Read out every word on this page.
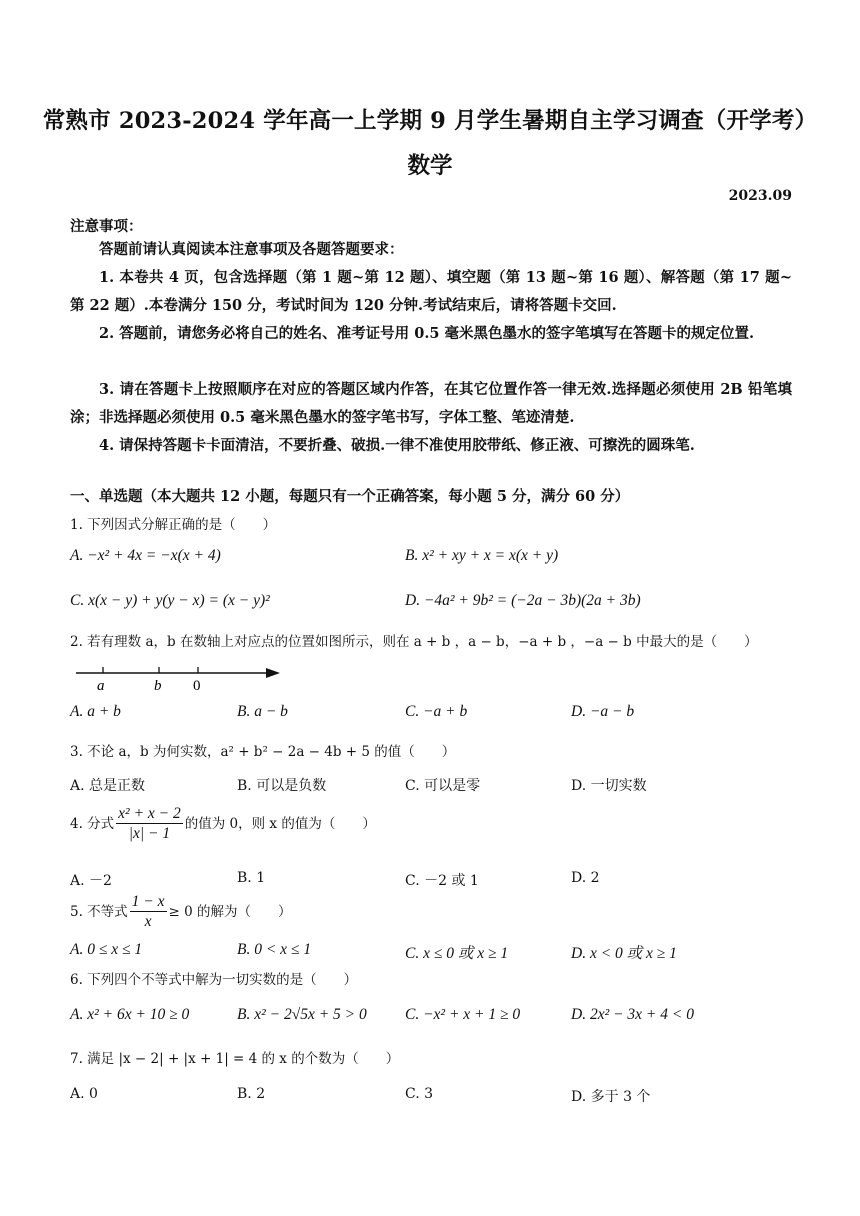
常熟市 2023-2024 学年高一上学期 9 月学生暑期自主学习调查（开学考）
数学
2023.09
注意事项：
答题前请认真阅读本注意事项及各题答题要求：
1. 本卷共 4 页，包含选择题（第 1 题~第 12 题）、填空题（第 13 题~第 16 题）、解答题（第 17 题~第 22 题）.本卷满分 150 分，考试时间为 120 分钟.考试结束后，请将答题卡交回.
2. 答题前，请您务必将自己的姓名、准考证号用 0.5 毫米黑色墨水的签字笔填写在答题卡的规定位置.
3. 请在答题卡上按照顺序在对应的答题区域内作答，在其它位置作答一律无效.选择题必须使用 2B 铅笔填涂；非选择题必须使用 0.5 毫米黑色墨水的签字笔书写，字体工整、笔迹清楚.
4. 请保持答题卡卡面清洁，不要折叠、破损.一律不准使用胶带纸、修正液、可擦洗的圆珠笔.
一、单选题（本大题共 12 小题，每题只有一个正确答案，每小题 5 分，满分 60 分）
1. 下列因式分解正确的是（　　）
A. −x² + 4x = −x(x + 4)	B. x² + xy + x = x(x + y)
C. x(x − y) + y(y − x) = (x − y)²	D. −4a² + 9b² = (−2a − 3b)(2a + 3b)
2. 若有理数 a，b 在数轴上对应点的位置如图所示，则在 a + b ，a − b，−a + b ，−a − b 中最大的是（　　）
a	b 0
A. a + b	B. a − b	C. −a + b	D. −a − b
3. 不论 a，b 为何实数，a² + b² − 2a − 4b + 5 的值（　　）
A. 总是正数	B. 可以是负数	C. 可以是零	D. 一切实数
4. 分式 $\frac{\text{x² + x − 2}}{|x| - 1}$ 的值为 0，则 x 的值为（　　）
A. －2	B. 1	C. －2 或 1	D. 2
5. 不等式 $\frac{1 - x}{x} \ge 0$ 的解为（　　）
A. 0 ≤ x ≤ 1	B. 0 < x ≤ 1	C. x ≤ 0 或 x ≥ 1	D. x < 0 或 x ≥ 1
6. 下列四个不等式中解为一切实数的是（　　）
A. x² + 6x + 10 ≥ 0	B. x² − 2√5x + 5 > 0 C. −x² + x + 1 ≥ 0	D. 2x² − 3x + 4 < 0
7. 满足 |x − 2| + |x + 1| = 4 的 x 的个数为（　　）
A. 0	B. 2	C. 3	D. 多于 3 个
